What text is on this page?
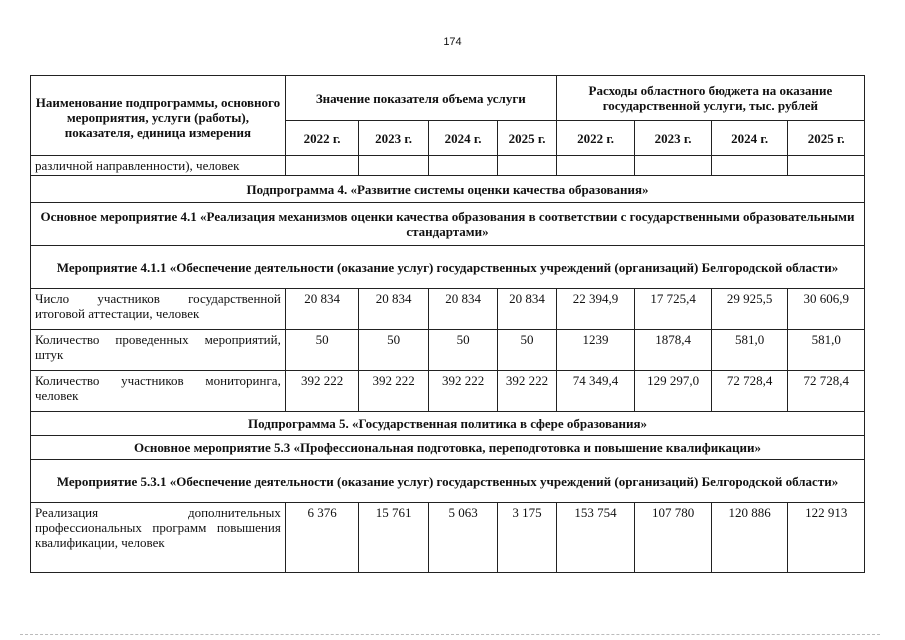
174
Наименование подпрограммы, основного мероприятия, услуги (работы), показателя, единица измерения	Значение показателя объема услуги				Расходы областного бюджета на оказание государственной услуги, тыс. рублей			
	2022 г.	2023 г.	2024 г.	2025 г.	2022 г.	2023 г.	2024 г.	2025 г.
различной направленности), человек								
Подпрограмма 4. «Развитие системы оценки качества образования»								
Основное мероприятие 4.1 «Реализация механизмов оценки качества образования в соответствии с государственными образовательными стандартами»								
Мероприятие 4.1.1 «Обеспечение деятельности (оказание услуг) государственных учреждений (организаций) Белгородской области»								
Число участников государственной итоговой аттестации, человек	20 834	20 834	20 834	20 834	22 394,9	17 725,4	29 925,5	30 606,9
Количество проведенных мероприятий, штук	50	50	50	50	1239	1878,4	581,0	581,0
Количество участников мониторинга, человек	392 222	392 222	392 222	392 222	74 349,4	129 297,0	72 728,4	72 728,4
Подпрограмма 5. «Государственная политика в сфере образования»								
Основное мероприятие 5.3 «Профессиональная подготовка, переподготовка и повышение квалификации»								
Мероприятие 5.3.1 «Обеспечение деятельности (оказание услуг) государственных учреждений (организаций) Белгородской области»								
Реализация дополнительных профессиональных программ повышения квалификации, человек	6 376	15 761	5 063	3 175	153 754	107 780	120 886	122 913
